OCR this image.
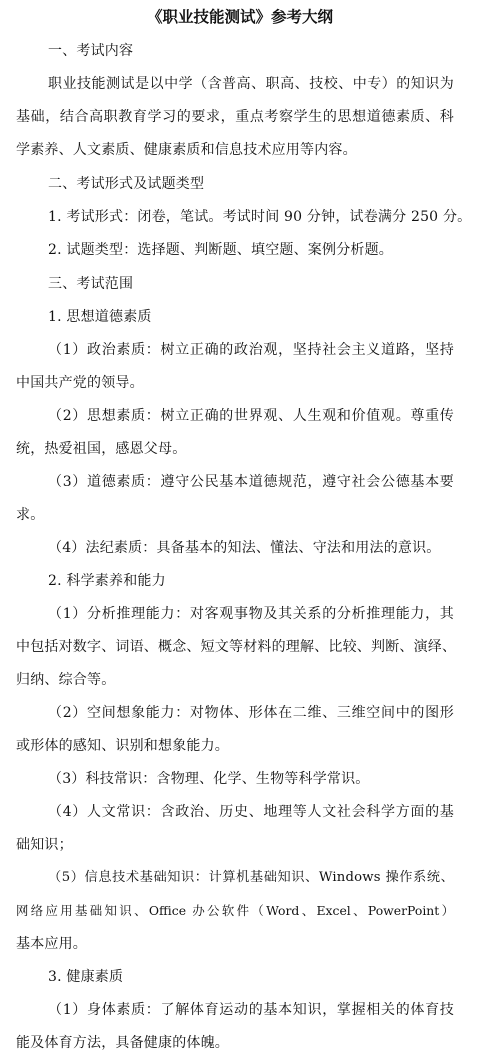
《职业技能测试》参考大纲
一、考试内容
职业技能测试是以中学（含普高、职高、技校、中专）的知识为
基础，结合高职教育学习的要求，重点考察学生的思想道德素质、科
学素养、人文素质、健康素质和信息技术应用等内容。
二、考试形式及试题类型
1. 考试形式：闭卷，笔试。考试时间 90 分钟，试卷满分 250 分。
2. 试题类型：选择题、判断题、填空题、案例分析题。
三、考试范围
1. 思想道德素质
（1）政治素质：树立正确的政治观，坚持社会主义道路，坚持
中国共产党的领导。
（2）思想素质：树立正确的世界观、人生观和价值观。尊重传
统，热爱祖国，感恩父母。
（3）道德素质：遵守公民基本道德规范，遵守社会公德基本要
求。
（4）法纪素质：具备基本的知法、懂法、守法和用法的意识。
2. 科学素养和能力
（1）分析推理能力：对客观事物及其关系的分析推理能力，其
中包括对数字、词语、概念、短文等材料的理解、比较、判断、演绎、
归纳、综合等。
（2）空间想象能力：对物体、形体在二维、三维空间中的图形
或形体的感知、识别和想象能力。
（3）科技常识：含物理、化学、生物等科学常识。
（4）人文常识：含政治、历史、地理等人文社会科学方面的基
础知识；
（5）信息技术基础知识：计算机基础知识、Windows 操作系统、
网络应用基础知识、Office 办公软件（Word、Excel、PowerPoint）
基本应用。
3. 健康素质
（1）身体素质：了解体育运动的基本知识，掌握相关的体育技
能及体育方法，具备健康的体魄。
